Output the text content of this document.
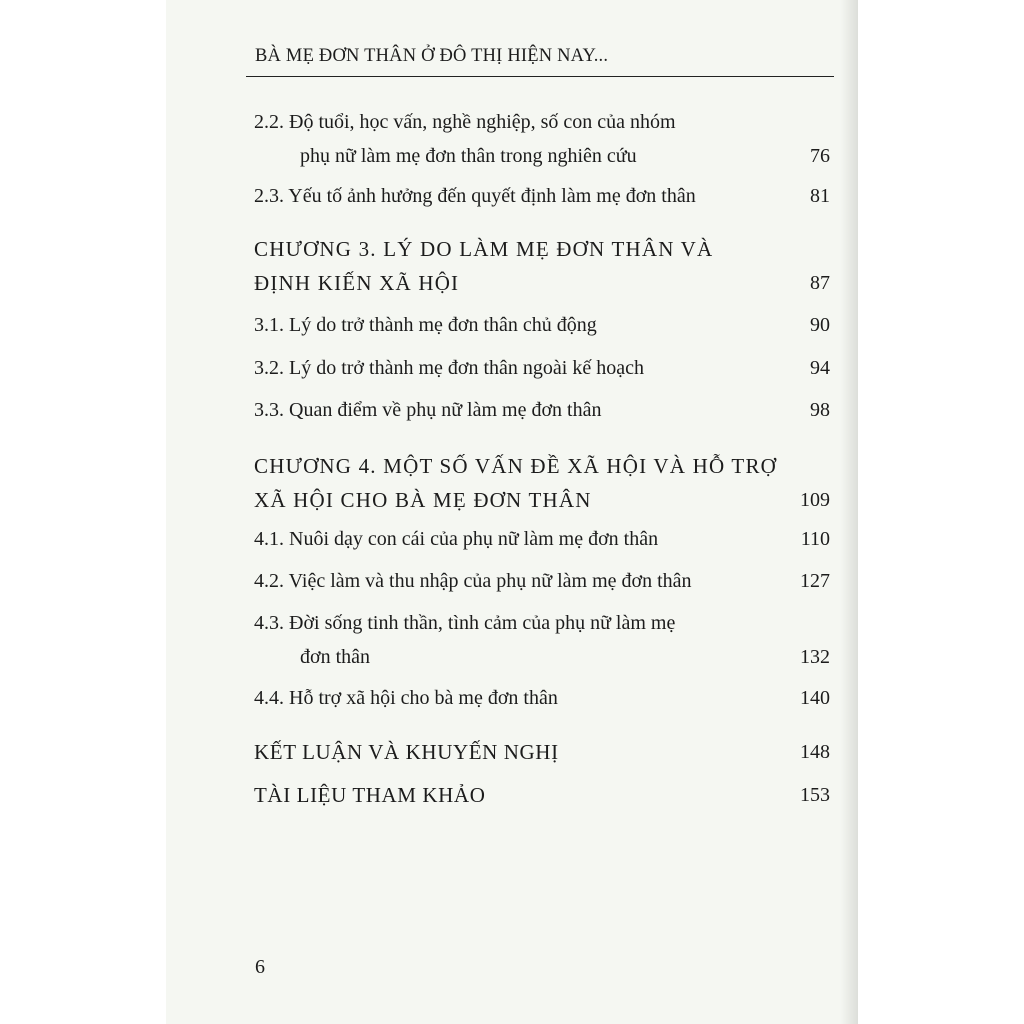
BÀ MẸ ĐƠN THÂN Ở ĐÔ THỊ HIỆN NAY...
2.2. Độ tuổi, học vấn, nghề nghiệp, số con của nhóm
phụ nữ làm mẹ đơn thân trong nghiên cứu	76
2.3. Yếu tố ảnh hưởng đến quyết định làm mẹ đơn thân	81
CHƯƠNG 3. LÝ DO LÀM MẸ ĐƠN THÂN VÀ
ĐỊNH KIẾN XÃ HỘI	87
3.1. Lý do trở thành mẹ đơn thân chủ động	90
3.2. Lý do trở thành mẹ đơn thân ngoài kế hoạch	94
3.3. Quan điểm về phụ nữ làm mẹ đơn thân	98
CHƯƠNG 4. MỘT SỐ VẤN ĐỀ XÃ HỘI VÀ HỖ TRỢ
XÃ HỘI CHO BÀ MẸ ĐƠN THÂN	109
4.1. Nuôi dạy con cái của phụ nữ làm mẹ đơn thân	110
4.2. Việc làm và thu nhập của phụ nữ làm mẹ đơn thân	127
4.3. Đời sống tinh thần, tình cảm của phụ nữ làm mẹ
đơn thân	132
4.4. Hỗ trợ xã hội cho bà mẹ đơn thân	140
KẾT LUẬN VÀ KHUYẾN NGHỊ	148
TÀI LIỆU THAM KHẢO	153
6
